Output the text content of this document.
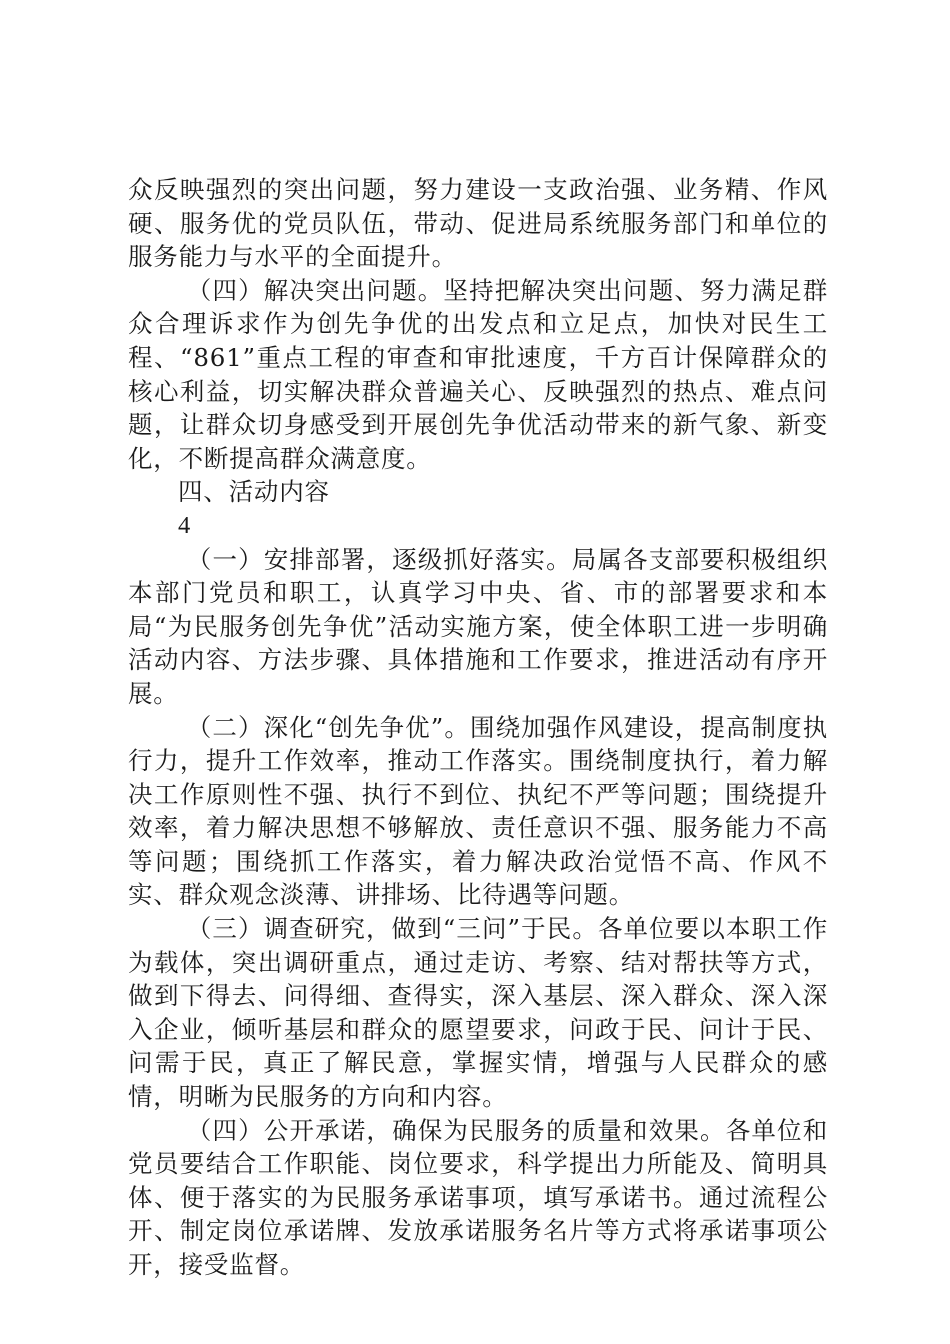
众反映强烈的突出问题，努力建设一支政治强、业务精、作风硬、服务优的党员队伍，带动、促进局系统服务部门和单位的服务能力与水平的全面提升。

（四）解决突出问题。坚持把解决突出问题、努力满足群众合理诉求作为创先争优的出发点和立足点，加快对民生工程、“861”重点工程的审查和审批速度，千方百计保障群众的核心利益，切实解决群众普遍关心、反映强烈的热点、难点问题，让群众切身感受到开展创先争优活动带来的新气象、新变化，不断提高群众满意度。

四、活动内容

4

（一）安排部署，逐级抓好落实。局属各支部要积极组织本部门党员和职工，认真学习中央、省、市的部署要求和本局“为民服务创先争优”活动实施方案，使全体职工进一步明确活动内容、方法步骤、具体措施和工作要求，推进活动有序开展。

（二）深化“创先争优”。围绕加强作风建设，提高制度执行力，提升工作效率，推动工作落实。围绕制度执行，着力解决工作原则性不强、执行不到位、执纪不严等问题；围绕提升效率，着力解决思想不够解放、责任意识不强、服务能力不高等问题；围绕抓工作落实，着力解决政治觉悟不高、作风不实、群众观念淡薄、讲排场、比待遇等问题。

（三）调查研究，做到“三问”于民。各单位要以本职工作为载体，突出调研重点，通过走访、考察、结对帮扶等方式，做到下得去、问得细、查得实，深入基层、深入群众、深入深入企业，倾听基层和群众的愿望要求，问政于民、问计于民、问需于民，真正了解民意，掌握实情，增强与人民群众的感情，明晰为民服务的方向和内容。

（四）公开承诺，确保为民服务的质量和效果。各单位和党员要结合工作职能、岗位要求，科学提出力所能及、简明具体、便于落实的为民服务承诺事项，填写承诺书。通过流程公开、制定岗位承诺牌、发放承诺服务名片等方式将承诺事项公开，接受监督。
